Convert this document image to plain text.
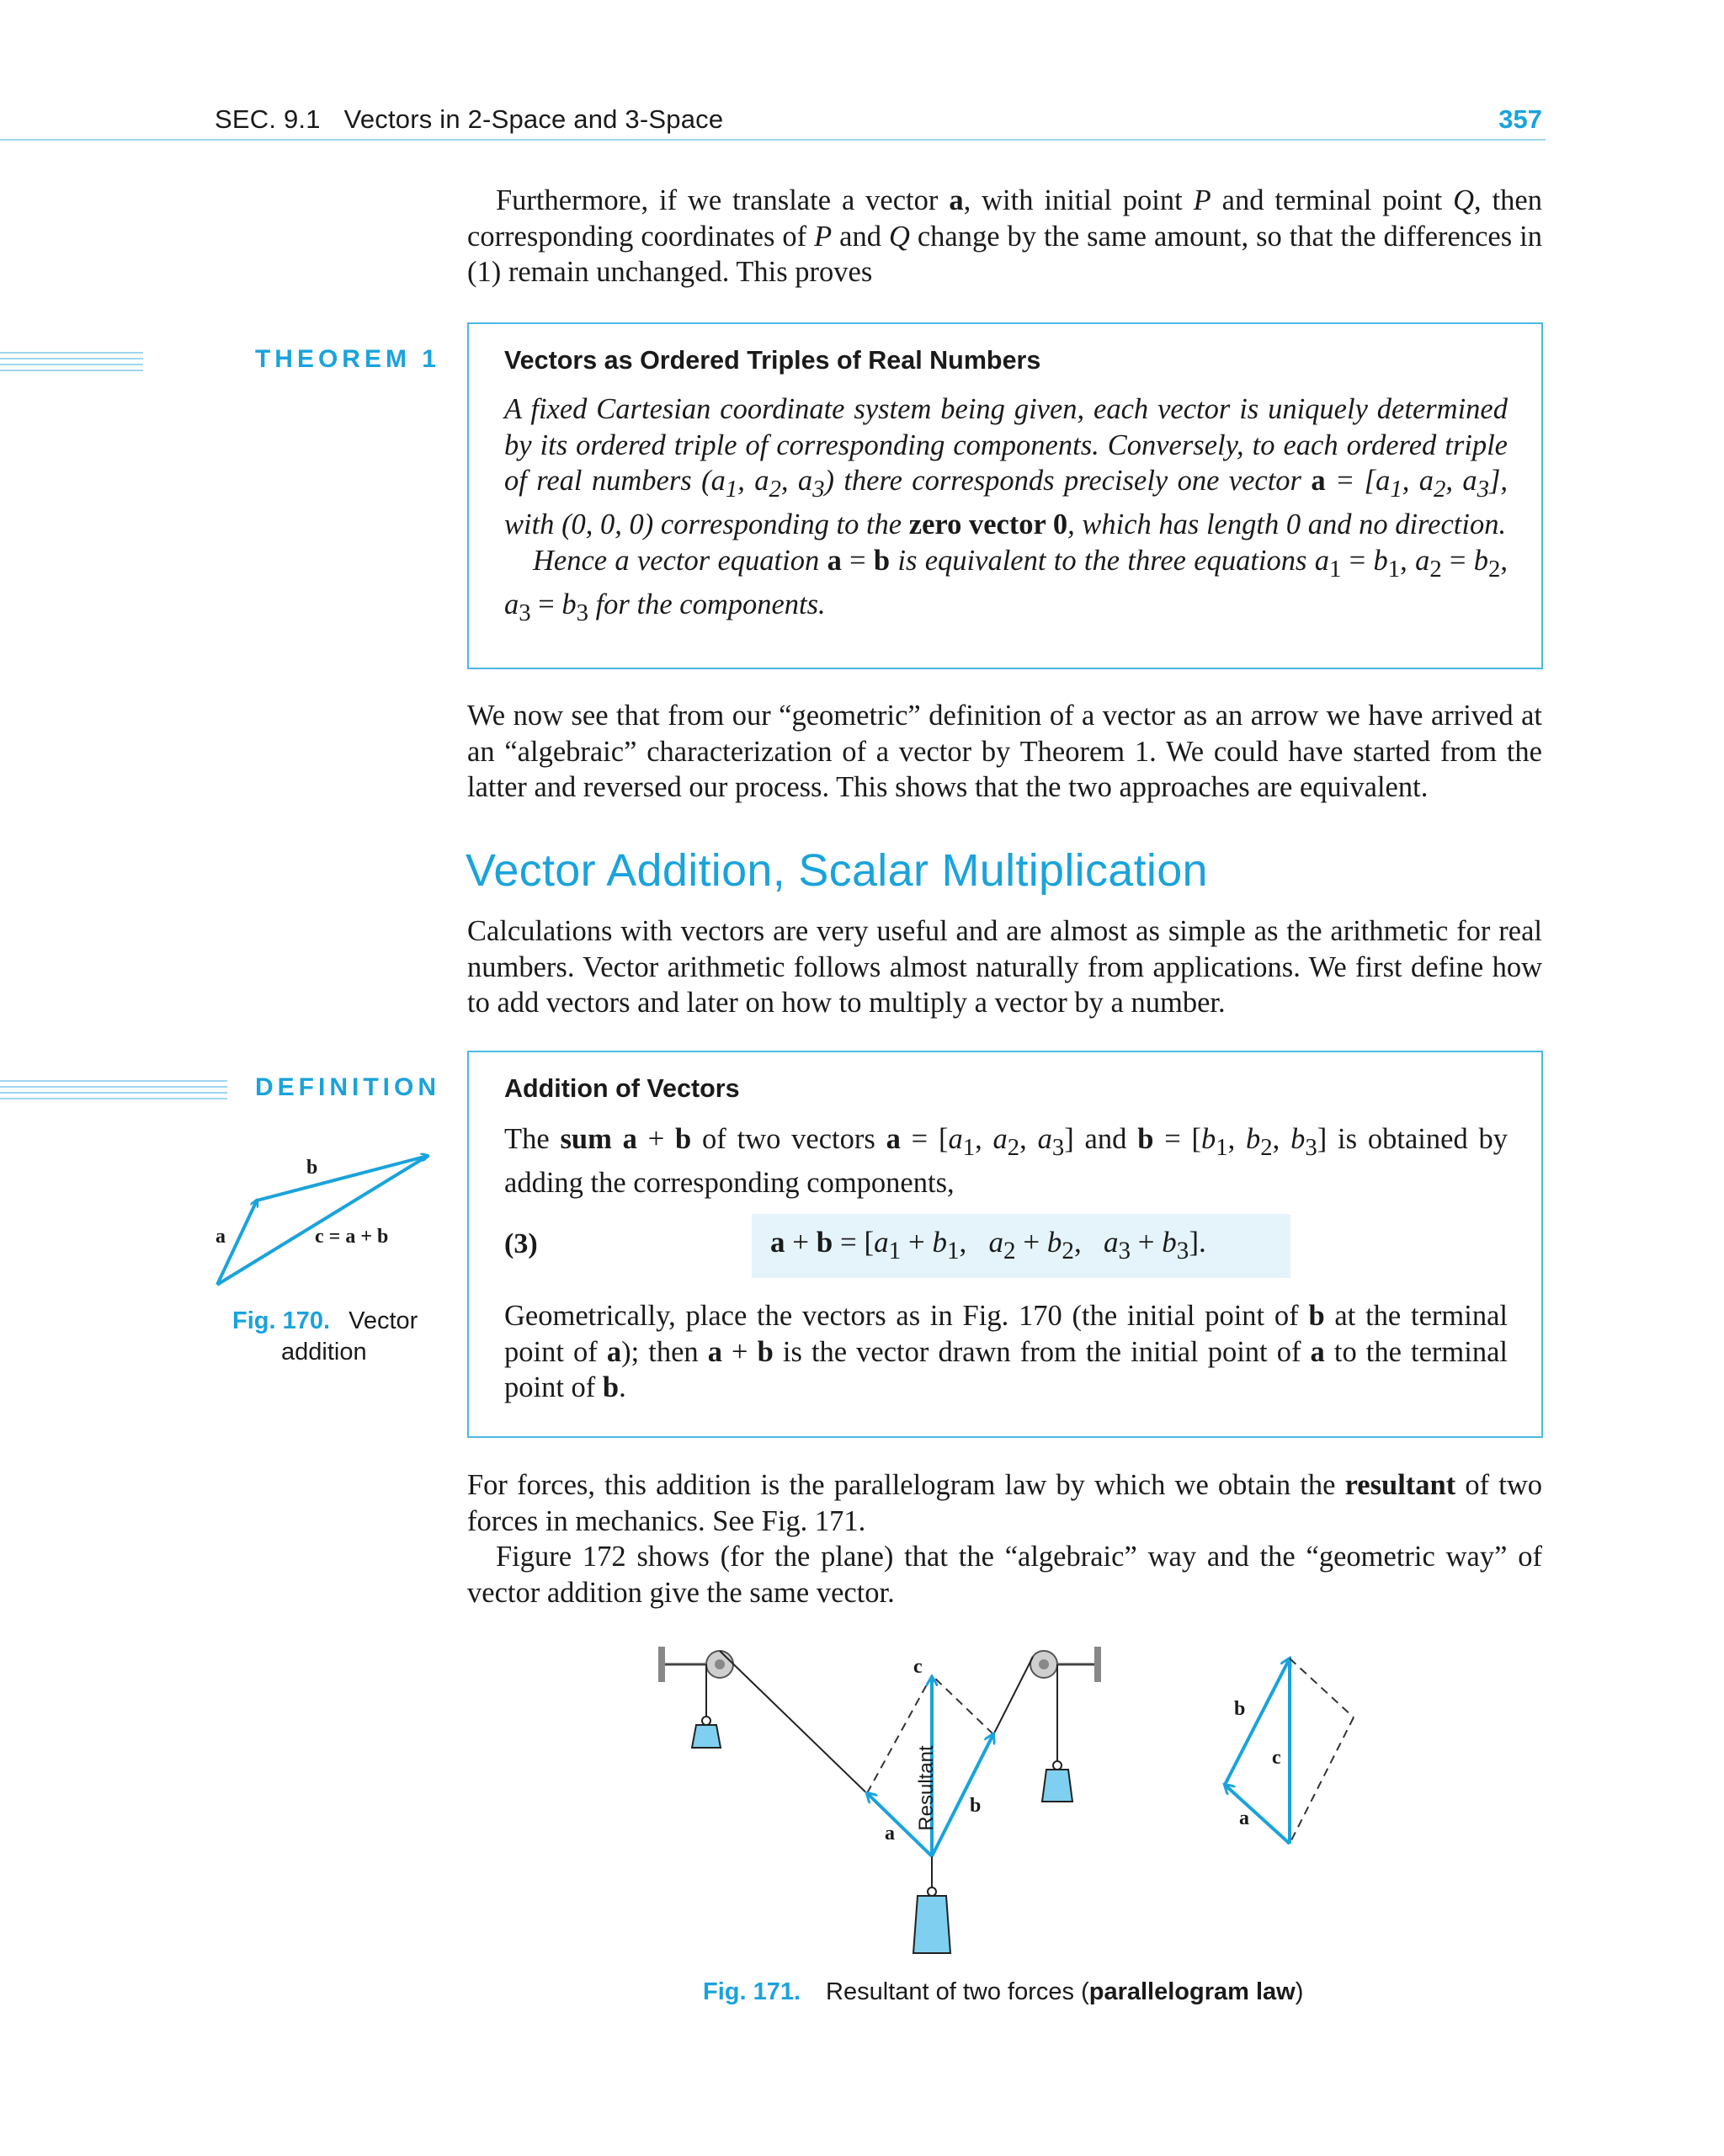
SEC. 9.1 Vectors in 2-Space and 3-Space	357

Furthermore, if we translate a vector a, with initial point P and terminal point Q, then corresponding coordinates of P and Q change by the same amount, so that the differences in (1) remain unchanged. This proves

THEOREM 1 Vectors as Ordered Triples of Real Numbers

A fixed Cartesian coordinate system being given, each vector is uniquely determined by its ordered triple of corresponding components. Conversely, to each ordered triple of real numbers ($a_1$, $a_2$, $a_3$) there corresponds precisely one vector $a = [a_1$, $a_2$, $a_3$], with (0, 0, 0) corresponding to the zero vector 0, which has length 0 and no direction.

Hence a vector equation a = b is equivalent to the three equations $a_1 = b_1$, $a_2 = b_2$, $a_3 = b_3$ for the components.

We now see that from our “geometric” definition of a vector as an arrow we have arrived at an “algebraic” characterization of a vector by Theorem 1. We could have started from the latter and reversed our process. This shows that the two approaches are equivalent.

Vector Addition, Scalar Multiplication

Calculations with vectors are very useful and are almost as simple as the arithmetic for real numbers. Vector arithmetic follows almost naturally from applications. We first define how to add vectors and later on how to multiply a vector by a number.

DEFINITION Addition of Vectors

The sum a + b of two vectors $a = [a_1$, $a_2$, $a_3$] and $b = [b_1$, $b_2$, $b_3$] is obtained by adding the corresponding components,

(3)	$a + b = [a_1 + b_1$,   $a_2 + b_2$,   $a_3 + b_3$].

Geometrically, place the vectors as in Fig. 170 (the initial point of b at the terminal point of a); then a + b is the vector drawn from the initial point of a to the terminal point of b.

a
b
c = a + b
Fig. 170. Vector
addition

For forces, this addition is the parallelogram law by which we obtain the resultant of two forces in mechanics. See Fig. 171.

Figure 172 shows (for the plane) that the “algebraic” way and the “geometric way” of vector addition give the same vector.

c
a
b
Resultant
b
c
a
Fig. 171. Resultant of two forces (parallelogram law)
